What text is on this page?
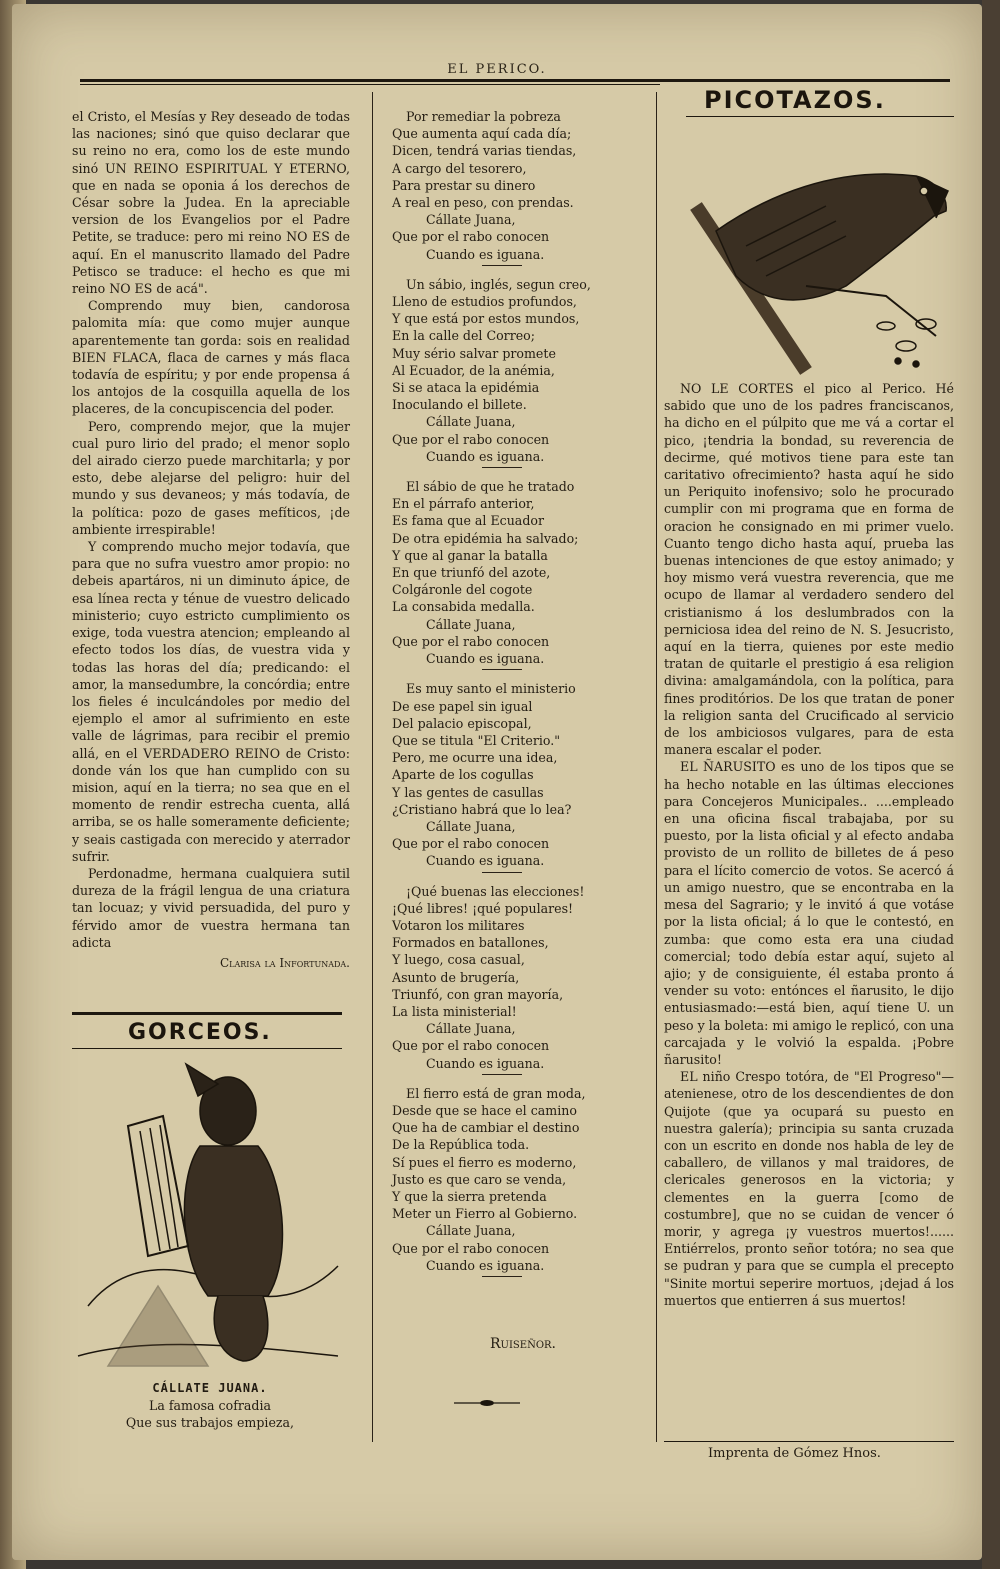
EL PERICO.

el Cristo, el Mesías y Rey deseado de todas las naciones; sinó que quiso declarar que su reino no era, como los de este mundo sinó UN REINO ESPIRITUAL Y ETERNO, que en nada se oponia á los derechos de César sobre la Judea. En la apreciable version de los Evangelios por el Padre Petite, se traduce: pero mi reino NO ES de aquí. En el manuscrito llamado del Padre Petisco se traduce: el hecho es que mi reino NO ES de acá".

Comprendo muy bien, candorosa palomita mía: que como mujer aunque aparentemente tan gorda: sois en realidad BIEN FLACA, flaca de carnes y más flaca todavía de espíritu; y por ende propensa á los antojos de la cosquilla aquella de los placeres, de la concupiscencia del poder.

Pero, comprendo mejor, que la mujer cual puro lirio del prado; el menor soplo del airado cierzo puede marchitarla; y por esto, debe alejarse del peligro: huir del mundo y sus devaneos; y más todavía, de la política: pozo de gases mefíticos, ¡de ambiente irrespirable!

Y comprendo mucho mejor todavía, que para que no sufra vuestro amor propio: no debeis apartáros, ni un diminuto ápice, de esa línea recta y ténue de vuestro delicado ministerio; cuyo estricto cumplimiento os exige, toda vuestra atencion; empleando al efecto todos los días, de vuestra vida y todas las horas del día; predicando: el amor, la mansedumbre, la concórdia; entre los fieles é inculcándoles por medio del ejemplo el amor al sufrimiento en este valle de lágrimas, para recibir el premio allá, en el VERDADERO REINO de Cristo: donde ván los que han cumplido con su mision, aquí en la tierra; no sea que en el momento de rendir estrecha cuenta, allá arriba, se os halle someramente deficiente; y seais castigada con merecido y aterrador sufrir.

Perdonadme, hermana cualquiera sutil dureza de la frágil lengua de una criatura tan locuaz; y vivid persuadida, del puro y férvido amor de vuestra hermana tan adicta

Clarisa la Infortunada.
GORCEOS.
CÁLLATE JUANA.
La famosa cofradia
Que sus trabajos empieza,
Por remediar la pobreza
Que aumenta aquí cada día;
Dicen, tendrá varias tiendas,
A cargo del tesorero,
Para prestar su dinero
A real en peso, con prendas.
Cállate Juana,
Que por el rabo conocen
Cuando es iguana.
Un sábio, inglés, segun creo,
Lleno de estudios profundos,
Y que está por estos mundos,
En la calle del Correo;
Muy sério salvar promete
Al Ecuador, de la anémia,
Si se ataca la epidémia
Inoculando el billete.
Cállate Juana,
Que por el rabo conocen
Cuando es iguana.
El sábio de que he tratado
En el párrafo anterior,
Es fama que al Ecuador
De otra epidémia ha salvado;
Y que al ganar la batalla
En que triunfó del azote,
Colgáronle del cogote
La consabida medalla.
Cállate Juana,
Que por el rabo conocen
Cuando es iguana.
Es muy santo el ministerio
De ese papel sin igual
Del palacio episcopal,
Que se titula "El Criterio."
Pero, me ocurre una idea,
Aparte de los cogullas
Y las gentes de casullas
¿Cristiano habrá que lo lea?
Cállate Juana,
Que por el rabo conocen
Cuando es iguana.
¡Qué buenas las elecciones!
¡Qué libres! ¡qué populares!
Votaron los militares
Formados en batallones,
Y luego, cosa casual,
Asunto de brugería,
Triunfó, con gran mayoría,
La lista ministerial!
Cállate Juana,
Que por el rabo conocen
Cuando es iguana.
El fierro está de gran moda,
Desde que se hace el camino
Que ha de cambiar el destino
De la República toda.
Sí pues el fierro es moderno,
Justo es que caro se venda,
Y que la sierra pretenda
Meter un Fierro al Gobierno.
Cállate Juana,
Que por el rabo conocen
Cuando es iguana.
Ruiseñor.
PICOTAZOS.

NO LE CORTES el pico al Perico. Hé sabido que uno de los padres franciscanos, ha dicho en el púlpito que me vá a cortar el pico, ¡tendria la bondad, su reverencia de decirme, qué motivos tiene para este tan caritativo ofrecimiento? hasta aquí he sido un Periquito inofensivo; solo he procurado cumplir con mi programa que en forma de oracion he consignado en mi primer vuelo. Cuanto tengo dicho hasta aquí, prueba las buenas intenciones de que estoy animado; y hoy mismo verá vuestra reverencia, que me ocupo de llamar al verdadero sendero del cristianismo á los deslumbrados con la perniciosa idea del reino de N. S. Jesucristo, aquí en la tierra, quienes por este medio tratan de quitarle el prestigio á esa religion divina: amalgamándola, con la política, para fines proditórios. De los que tratan de poner la religion santa del Crucificado al servicio de los ambiciosos vulgares, para de esta manera escalar el poder.

EL ÑARUSITO es uno de los tipos que se ha hecho notable en las últimas elecciones para Concejeros Municipales.. ....empleado en una oficina fiscal trabajaba, por su puesto, por la lista oficial y al efecto andaba provisto de un rollito de billetes de á peso para el lícito comercio de votos. Se acercó á un amigo nuestro, que se encontraba en la mesa del Sagrario; y le invitó á que votáse por la lista oficial; á lo que le contestó, en zumba: que como esta era una ciudad comercial; todo debía estar aquí, sujeto al ajio; y de consiguiente, él estaba pronto á vender su voto: entónces el ñarusito, le dijo entusiasmado:—está bien, aquí tiene U. un peso y la boleta: mi amigo le replicó, con una carcajada y le volvió la espalda. ¡Pobre ñarusito!

EL niño Crespo totóra, de "El Progreso"—atenienese, otro de los descendientes de don Quijote (que ya ocupará su puesto en nuestra galería); principia su santa cruzada con un escrito en donde nos habla de ley de caballero, de villanos y mal traidores, de clericales generosos en la victoria; y clementes en la guerra [como de costumbre], que no se cuidan de vencer ó morir, y agrega ¡y vuestros muertos!...... Entiérrelos, pronto señor totóra; no sea que se pudran y para que se cumpla el precepto "Sinite mortui seperire mortuos, ¡dejad á los muertos que entierren á sus muertos!

Imprenta de Gómez Hnos.
